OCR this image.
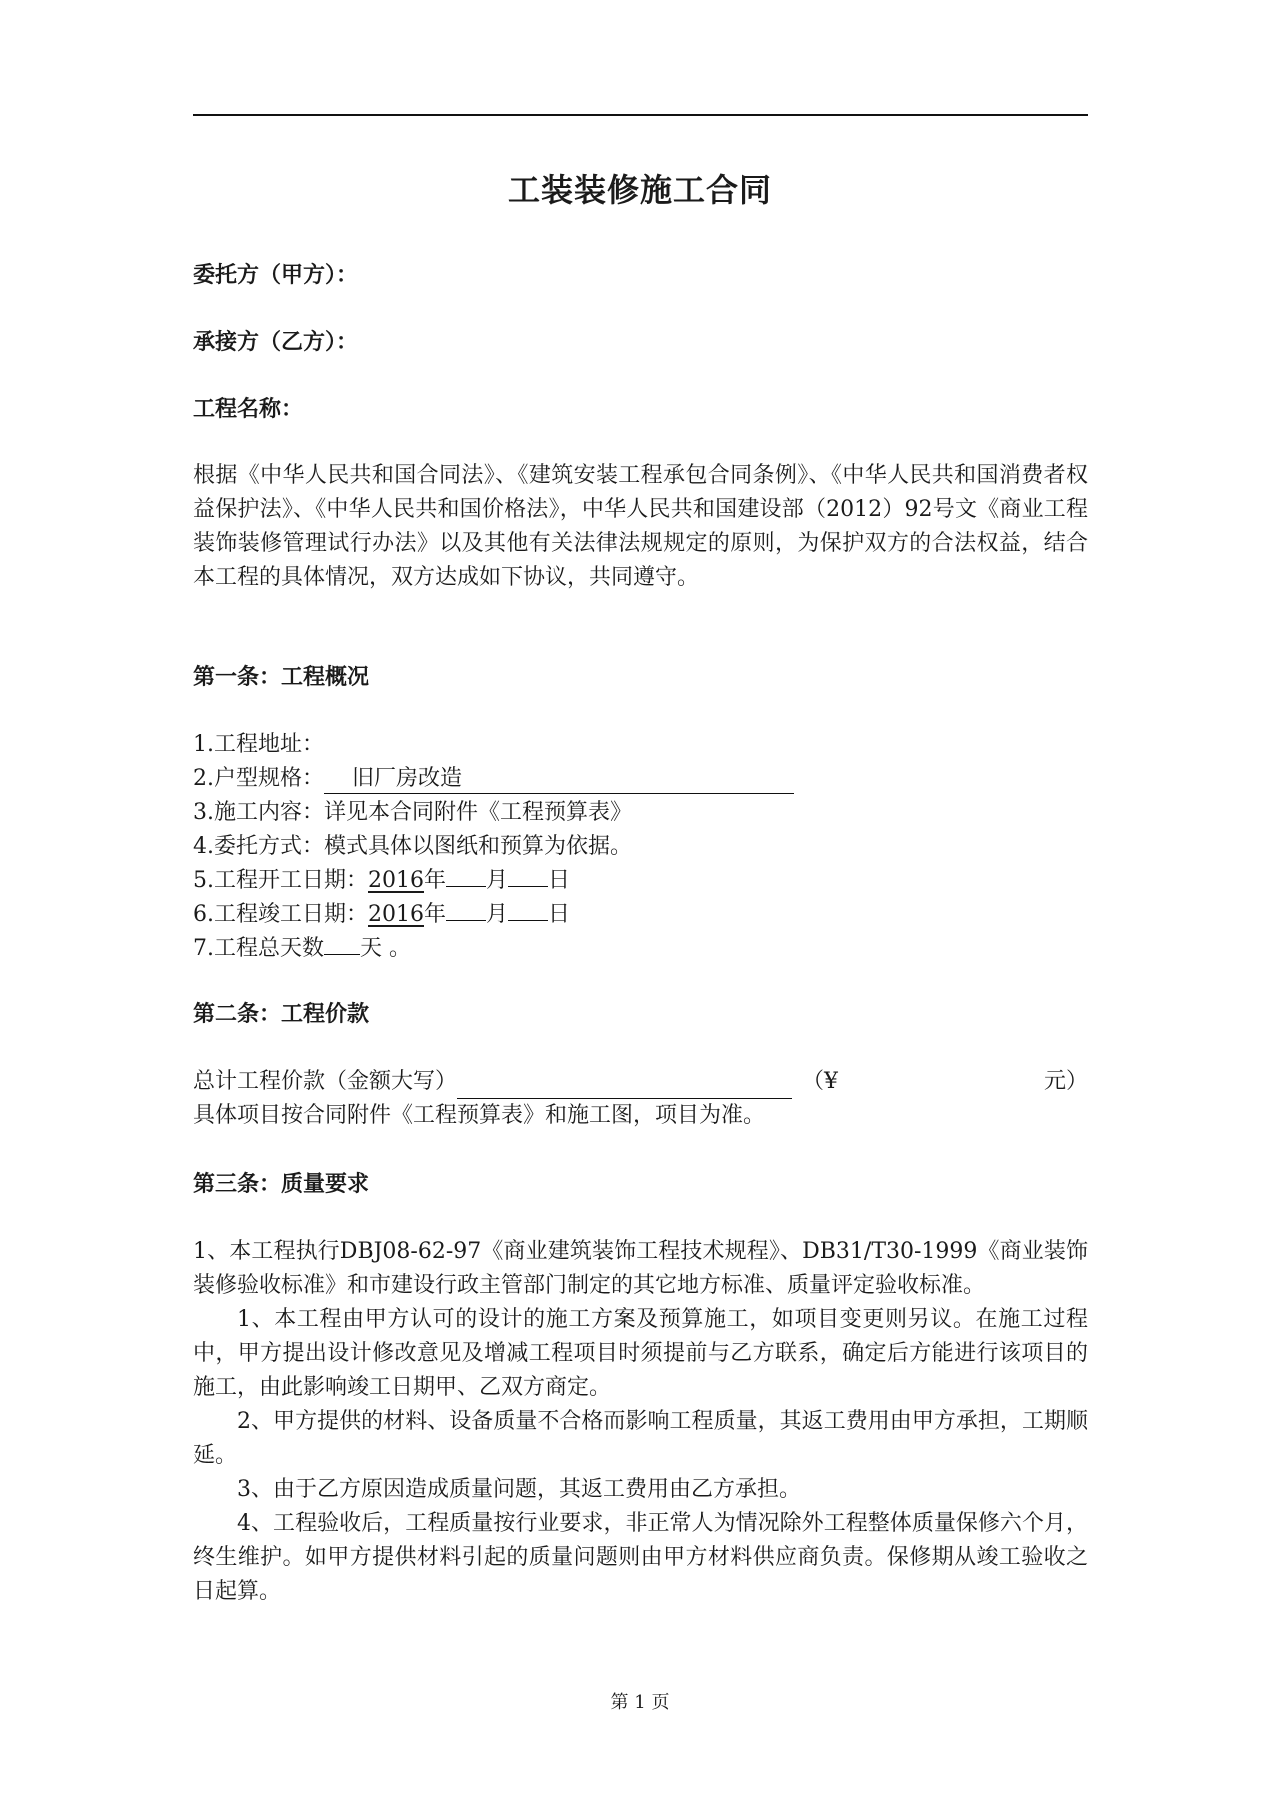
工装装修施工合同
委托方（甲方）：
承接方（乙方）：
工程名称：
根据《中华人民共和国合同法》、《建筑安装工程承包合同条例》、《中华人民共和国消费者权益保护法》、《中华人民共和国价格法》，中华人民共和国建设部（2012）92号文《商业工程装饰装修管理试行办法》以及其他有关法律法规规定的原则，为保护双方的合法权益，结合本工程的具体情况，双方达成如下协议，共同遵守。
第一条：工程概况
1.工程地址：
2.户型规格： 旧厂房改造
3.施工内容：详见本合同附件《工程预算表》
4.委托方式：模式具体以图纸和预算为依据。
5.工程开工日期：2016年 月 日
6.工程竣工日期：2016年 月 日
7.工程总天数 天 。
第二条：工程价款
总计工程价款（金额大写）	（¥	元）
具体项目按合同附件《工程预算表》和施工图，项目为准。
第三条：质量要求
1、本工程执行DBJ08-62-97《商业建筑装饰工程技术规程》、DB31/T30-1999《商业装饰装修验收标准》和市建设行政主管部门制定的其它地方标准、质量评定验收标准。
1、本工程由甲方认可的设计的施工方案及预算施工，如项目变更则另议。在施工过程中，甲方提出设计修改意见及增减工程项目时须提前与乙方联系，确定后方能进行该项目的施工，由此影响竣工日期甲、乙双方商定。
2、甲方提供的材料、设备质量不合格而影响工程质量，其返工费用由甲方承担，工期顺延。
3、由于乙方原因造成质量问题，其返工费用由乙方承担。
4、工程验收后，工程质量按行业要求，非正常人为情况除外工程整体质量保修六个月，终生维护。如甲方提供材料引起的质量问题则由甲方材料供应商负责。保修期从竣工验收之日起算。
第 1 页
